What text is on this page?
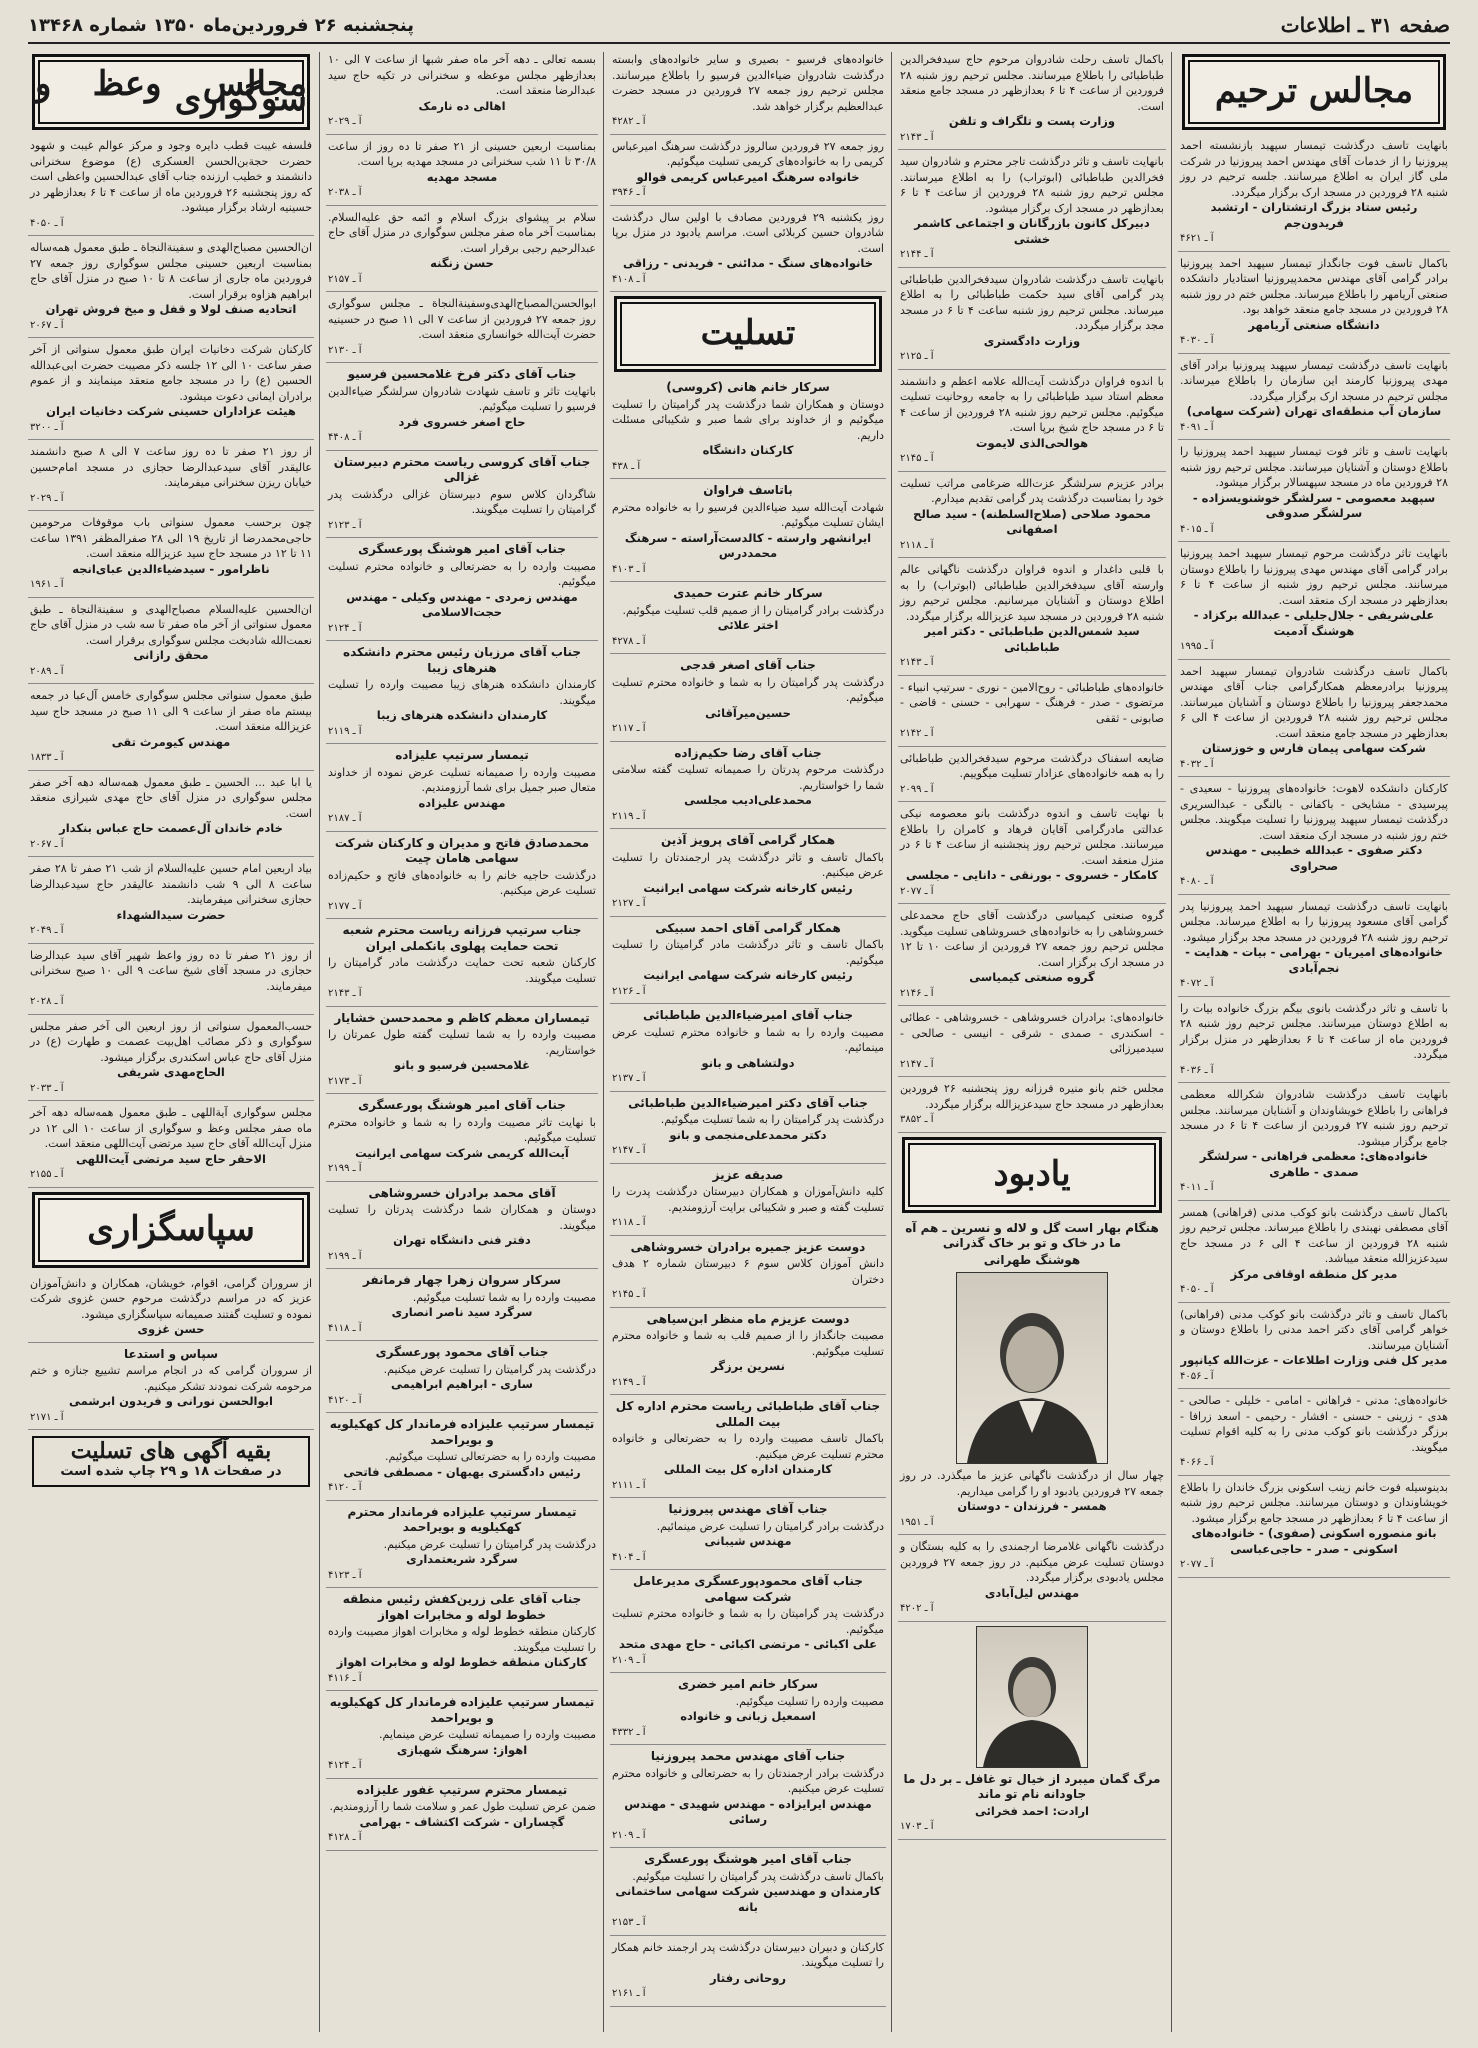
صفحه ۳۱ ـ اطلاعات
پنجشنبه ۲۶ فروردین‌ماه ۱۳۵۰ شماره ۱۳۴۶۸
مجالس ترحیم
بانهایت تاسف درگذشت تیمسار سپهبد بازنشسته احمد پیروزنیا را از خدمات آقای مهندس احمد پیروزنیا در شرکت ملی گاز ایران به اطلاع میرسانند. جلسه ترحیم در روز شنبه ۲۸ فروردین در مسجد ارک برگزار میگردد.
رئیس ستاد بزرگ ارتشتاران - ارتشبد فریدون‌جم
آ ـ ۴۶۲۱
باکمال تاسف فوت جانگداز تیمسار سپهبد احمد پیروزنیا برادر گرامی آقای مهندس محمدپیروزنیا استادیار دانشکده صنعتی آریامهر را باطلاع میرساند. مجلس ختم در روز شنبه ۲۸ فروردین در مسجد جامع منعقد خواهد بود.
دانشگاه صنعتی آریامهر
آ ـ ۴۰۳۰
بانهایت تاسف درگذشت تیمسار سپهبد پیروزنیا برادر آقای مهدی پیروزنیا کارمند این سازمان را باطلاع میرساند. مجلس ترحیم در مسجد ارک برگزار میگردد.
سازمان آب منطقه‌ای تهران (شرکت سهامی)
آ ـ ۴۰۹۱
بانهایت تاسف و تاثر فوت تیمسار سپهبد احمد پیروزنیا را باطلاع دوستان و آشنایان میرسانند. مجلس ترحیم روز شنبه ۲۸ فروردین ماه در مسجد سپهسالار برگزار میشود.
سپهبد معصومی - سرلشگر خوشنویسزاده - سرلشگر صدوقی
آ ـ ۴۰۱۵
بانهایت تاثر درگذشت مرحوم تیمسار سپهبد احمد پیروزنیا برادر گرامی آقای مهندس مهدی پیروزنیا را باطلاع دوستان میرسانند. مجلس ترحیم روز شنبه از ساعت ۴ تا ۶ بعدازظهر در مسجد ارک منعقد است.
علی‌شریفی - جلال‌جلیلی - عبدالله برکزاد - هوشنگ آدمیت
آ ـ ۱۹۹۵
باکمال تاسف درگذشت شادروان تیمسار سپهبد احمد پیروزنیا برادرمعظم همکارگرامی جناب آقای مهندس محمدجعفر پیروزنیا را باطلاع دوستان و آشنایان میرسانند. مجلس ترحیم روز شنبه ۲۸ فروردین از ساعت ۴ الی ۶ بعدازظهر در مسجد جامع منعقد است.
شرکت سهامی پیمان فارس و خوزستان
آ ـ ۴۰۳۲
کارکنان دانشکده لاهوت: خانواده‌های پیروزنیا - سعیدی - پیرسیدی - مشایخی - باکفانی - بالنگی - عبدالسریری درگذشت تیمسار سپهبد پیروزنیا را تسلیت میگویند. مجلس ختم روز شنبه در مسجد ارک منعقد است.
دکتر صفوی - عبدالله خطیبی - مهندس صحراوی
آ ـ ۴۰۸۰
بانهایت تاسف درگذشت تیمسار سپهبد احمد پیروزنیا پدر گرامی آقای مسعود پیروزنیا را به اطلاع میرساند. مجلس ترحیم روز شنبه ۲۸ فروردین در مسجد مجد برگزار میشود.
خانواده‌های امیریان - بهرامی - بیات - هدایت - نجم‌آبادی
آ ـ ۴۰۷۲
با تاسف و تاثر درگذشت بانوی بیگم بزرگ خانواده بیات را به اطلاع دوستان میرسانند. مجلس ترحیم روز شنبه ۲۸ فروردین ماه از ساعت ۴ تا ۶ بعدازظهر در منزل برگزار میگردد.
آ ـ ۴۰۳۶
بانهایت تاسف درگذشت شادروان شکرالله معظمی فراهانی را باطلاع خویشاوندان و آشنایان میرسانند. مجلس ترحیم روز شنبه ۲۷ فروردین از ساعت ۴ تا ۶ در مسجد جامع برگزار میشود.
خانواده‌های: معظمی فراهانی - سرلشگر صمدی - طاهری
آ ـ ۴۰۱۱
باکمال تاسف درگذشت بانو کوکب مدنی (فراهانی) همسر آقای مصطفی نهبندی را باطلاع میرساند. مجلس ترحیم روز شنبه ۲۸ فروردین از ساعت ۴ الی ۶ در مسجد حاج سیدعزیزالله منعقد میباشد.
مدیر کل منطقه اوقافی مرکز
آ ـ ۴۰۵۰
باکمال تاسف و تاثر درگذشت بانو کوکب مدنی (فراهانی) خواهر گرامی آقای دکتر احمد مدنی را باطلاع دوستان و آشنایان میرسانند.
مدیر کل فنی وزارت اطلاعات - عزت‌الله کیانپور
آ ـ ۴۰۵۶
خانواده‌های: مدنی - فراهانی - امامی - خلیلی - صالحی - هدی - زرینی - حسنی - افشار - رحیمی - اسعد زرافا - برزگر درگذشت بانو کوکب مدنی را به کلیه اقوام تسلیت میگویند.
آ ـ ۴۰۶۶
بدینوسیله فوت خانم زینب اسکونی بزرگ خاندان را باطلاع خویشاوندان و دوستان میرسانند. مجلس ترحیم روز شنبه از ساعت ۴ تا ۶ بعدازظهر در مسجد جامع برگزار میشود.
بانو منصوره اسکونی (صفوی) - خانواده‌های اسکونی - صدر - حاجی‌عباسی
آ ـ ۲۰۷۷
باکمال تاسف رحلت شادروان مرحوم حاج سیدفخرالدین طباطبائی را باطلاع میرسانند. مجلس ترحیم روز شنبه ۲۸ فروردین از ساعت ۴ تا ۶ بعدازظهر در مسجد جامع منعقد است.
وزارت پست و تلگراف و تلفن
آ ـ ۲۱۴۳
بانهایت تاسف و تاثر درگذشت تاجر محترم و شادروان سید فخرالدین طباطبائی (ابوتراب) را به اطلاع میرسانند. مجلس ترحیم روز شنبه ۲۸ فروردین از ساعت ۴ تا ۶ بعدازظهر در مسجد ارک برگزار میشود.
دبیرکل کانون بازرگانان و اجتماعی کاشمر خشتی
آ ـ ۲۱۴۴
بانهایت تاسف درگذشت شادروان سیدفخرالدین طباطبائی پدر گرامی آقای سید حکمت طباطبائی را به اطلاع میرساند. مجلس ترحیم روز شنبه ساعت ۴ تا ۶ در مسجد مجد برگزار میگردد.
وزارت دادگستری
آ ـ ۲۱۲۵
با اندوه فراوان درگذشت آیت‌الله علامه اعظم و دانشمند معظم استاد سید طباطبائی را به جامعه روحانیت تسلیت میگوئیم. مجلس ترحیم روز شنبه ۲۸ فروردین از ساعت ۴ تا ۶ در مسجد حاج شیخ برپا است.
هوالحی‌الذی لایموت
آ ـ ۲۱۴۵
برادر عزیزم سرلشگر عزت‌الله ضرغامی مراتب تسلیت خود را بمناسبت درگذشت پدر گرامی تقدیم میدارم.
محمود صلاحی (صلاح‌السلطنه) - سید صالح اصفهانی
آ ـ ۲۱۱۸
با قلبی داغدار و اندوه فراوان درگذشت ناگهانی عالم وارسته آقای سیدفخرالدین طباطبائی (ابوتراب) را به اطلاع دوستان و آشنایان میرسانیم. مجلس ترحیم روز شنبه ۲۸ فروردین در مسجد سید عزیزالله برگزار میگردد.
سید شمس‌الدین طباطبائی - دکتر امیر طباطبائی
آ ـ ۲۱۴۳
خانواده‌های طباطبائی - روح‌الامین - نوری - سرتیپ انبیاء - مرتضوی - صدر - فرهنگ - سهرابی - حسنی - قاضی - صابونی - ثقفی
آ ـ ۲۱۴۲
ضایعه اسفناک درگذشت مرحوم سیدفخرالدین طباطبائی را به همه خانواده‌های عزادار تسلیت میگوییم.
آ ـ ۲۰۹۹
با نهایت تاسف و اندوه درگذشت بانو معصومه نیکی عدالتی مادرگرامی آقایان فرهاد و کامران را باطلاع میرسانند. مجلس ترحیم روز پنجشنبه از ساعت ۴ تا ۶ در منزل منعقد است.
کامکار - خسروی - بورنقی - دانایی - مجلسی
آ ـ ۲۰۷۷
گروه صنعتی کیمیاسی درگذشت آقای حاج محمدعلی خسروشاهی را به خانواده‌های خسروشاهی تسلیت میگوید. مجلس ترحیم روز جمعه ۲۷ فروردین از ساعت ۱۰ تا ۱۲ در مسجد ارک برگزار است.
گروه صنعتی کیمیاسی
آ ـ ۲۱۴۶
خانواده‌های: برادران خسروشاهی - خسروشاهی - عطائی - اسکندری - صمدی - شرقی - انیسی - صالحی - سیدمیرزائی
آ ـ ۲۱۴۷
مجلس ختم بانو منیره فرزانه روز پنجشنبه ۲۶ فروردین بعدازظهر در مسجد حاج سیدعزیزالله برگزار میگردد.
آ ـ ۳۸۵۲
یادبود
هنگام بهار است گل و لاله و نسرین ـ هم آه ما در خاک و تو بر خاک گذرانی
هوشنگ طهرانی
چهار سال از درگذشت ناگهانی عزیز ما میگذرد. در روز جمعه ۲۷ فروردین یادبود او را گرامی میداریم.
همسر - فرزندان - دوستان
آ ـ ۱۹۵۱
درگذشت ناگهانی غلامرضا ارجمندی را به کلیه بستگان و دوستان تسلیت عرض میکنیم. در روز جمعه ۲۷ فروردین مجلس یادبودی برگزار میگردد.
مهندس لیل‌آبادی
آ ـ ۴۲۰۲
مرگ گمان میبرد از خیال تو غافل ـ بر دل ما جاودانه نام تو ماند
ارادت: احمد فخرائی
آ ـ ۱۷۰۳
خانواده‌های فرسیو - بصیری و سایر خانواده‌های وابسته درگذشت شادروان ضیاءالدین فرسیو را باطلاع میرسانند. مجلس ترحیم روز جمعه ۲۷ فروردین در مسجد حضرت عبدالعظیم برگزار خواهد شد.
آ ـ ۴۲۸۲
روز جمعه ۲۷ فروردین سالروز درگذشت سرهنگ امیرعباس کریمی را به خانواده‌های کریمی تسلیت میگوئیم.
خانواده سرهنگ امیرعباس کریمی فوالو
آ ـ ۳۹۴۶
روز یکشنبه ۲۹ فروردین مصادف با اولین سال درگذشت شادروان حسین کربلائی است. مراسم یادبود در منزل برپا است.
خانواده‌های سنگ - مدائنی - فریدنی - رزاقی
آ ـ ۴۱۰۸
تسلیت
سرکار خانم هانی (کروسی)
دوستان و همکاران شما درگذشت پدر گرامیتان را تسلیت میگوئیم و از خداوند برای شما صبر و شکیبائی مسئلت داریم.
کارکنان دانشگاه
آ ـ ۴۳۸
باتاسف فراوان
شهادت آیت‌الله سید ضیاءالدین فرسیو را به خانواده محترم ایشان تسلیت میگوئیم.
ایرانشهر وارسته - کالدست‌آراسته - سرهنگ محمددرس
آ ـ ۴۱۰۳
سرکار خانم عترت حمیدی
درگذشت برادر گرامیتان را از صمیم قلب تسلیت میگوئیم.
اختر علائی
آ ـ ۴۲۷۸
جناب آقای اصغر قدجی
درگذشت پدر گرامیتان را به شما و خانواده محترم تسلیت میگوئیم.
حسین‌میرآقائی
آ ـ ۲۱۱۷
جناب آقای رضا حکیم‌زاده
درگذشت مرحوم پدرتان را صمیمانه تسلیت گفته سلامتی شما را خواستاریم.
محمدعلی‌ادیب مجلسی
آ ـ ۲۱۱۹
همکار گرامی آقای پرویز آذین
باکمال تاسف و تاثر درگذشت پدر ارجمندتان را تسلیت عرض میکنیم.
رئیس کارخانه شرکت سهامی ایرانیت
آ ـ ۲۱۲۷
همکار گرامی آقای احمد سبیکی
باکمال تاسف و تاثر درگذشت مادر گرامیتان را تسلیت میگوئیم.
رئیس کارخانه شرکت سهامی ایرانیت
آ ـ ۲۱۲۶
جناب آقای امیرضیاءالدین طباطبائی
مصیبت وارده را به شما و خانواده محترم تسلیت عرض مینمائیم.
دولتشاهی و بانو
آ ـ ۲۱۳۷
جناب آقای دکتر امیرضیاءالدین طباطبائی
درگذشت پدر گرامیتان را به شما تسلیت میگوئیم.
دکتر محمدعلی‌منجمی و بانو
آ ـ ۲۱۴۷
صدیقه عزیز
کلیه دانش‌آموزان و همکاران دبیرستان درگذشت پدرت را تسلیت گفته و صبر و شکیبائی برایت آرزومندیم.
آ ـ ۲۱۱۸
دوست عزیز جمیره برادران خسروشاهی
دانش آموزان کلاس سوم ۶ دبیرستان شماره ۲ هدف دختران
آ ـ ۲۱۴۵
دوست عزیزم ماه منظر ابن‌سیاهی
مصیبت جانگداز را از صمیم قلب به شما و خانواده محترم تسلیت میگوئیم.
نسرین برزگر
آ ـ ۲۱۴۹
جناب آقای طباطبائی ریاست محترم اداره کل بیت المللی
باکمال تاسف مصیبت وارده را به حضرتعالی و خانواده محترم تسلیت عرض میکنیم.
کارمندان اداره کل بیت المللی
آ ـ ۲۱۱۱
جناب آقای مهندس پیروزنیا
درگذشت برادر گرامیتان را تسلیت عرض مینمائیم.
مهندس شیبانی
آ ـ ۴۱۰۴
جناب آقای محمودپورعسگری مدیرعامل شرکت سهامی
درگذشت پدر گرامیتان را به شما و خانواده محترم تسلیت میگوئیم.
علی اکبائی - مرتضی اکبائی - حاج مهدی متحد
آ ـ ۲۱۰۹
سرکار خانم امیر خضری
مصیبت وارده را تسلیت میگوئیم.
اسمعیل زبانی و خانواده
آ ـ ۴۳۳۲
جناب آقای مهندس محمد پیروزنیا
درگذشت برادر ارجمندتان را به حضرتعالی و خانواده محترم تسلیت عرض میکنیم.
مهندس ایرایزاده - مهندس شهیدی - مهندس رسائی
آ ـ ۲۱۰۹
جناب آقای امیر هوشنگ پورعسگری
باکمال تاسف درگذشت پدر گرامیتان را تسلیت میگوئیم.
کارمندان و مهندسین شرکت سهامی ساختمانی بانه
آ ـ ۲۱۵۳
کارکنان و دبیران دبیرستان درگذشت پدر ارجمند خانم همکار را تسلیت میگویند.
روحانی رفتار
آ ـ ۲۱۶۱
بسمه تعالی ـ دهه آخر ماه صفر شبها از ساعت ۷ الی ۱۰ بعدازظهر مجلس موعظه و سخنرانی در تکیه حاج سید عبدالرضا منعقد است.
اهالی ده نارمک
آ ـ ۲۰۲۹
بمناسبت اربعین حسینی از ۲۱ صفر تا ده روز از ساعت ۳۰/۸ تا ۱۱ شب سخنرانی در مسجد مهدیه برپا است.
مسجد مهدیه
آ ـ ۲۰۳۸
سلام بر پیشوای بزرگ اسلام و ائمه حق علیه‌السلام. بمناسبت آخر ماه صفر مجلس سوگواری در منزل آقای حاج عبدالرحیم رجبی برقرار است.
حسن زنگنه
آ ـ ۲۱۵۷
ابوالحسن‌المصباح‌الهدی‌وسفینة‌النجاة ـ مجلس سوگواری روز جمعه ۲۷ فروردین از ساعت ۷ الی ۱۱ صبح در حسینیه حضرت آیت‌الله خوانساری منعقد است.
آ ـ ۲۱۳۰
جناب آقای دکتر فرخ غلامحسین فرسیو
باتهایت تاثر و تاسف شهادت شادروان سرلشگر ضیاءالدین فرسیو را تسلیت میگوئیم.
حاج اصغر خسروی فرد
آ ـ ۴۴۰۸
جناب آقای کروسی ریاست محترم دبیرستان غزالی
شاگردان کلاس سوم دبیرستان غزالی درگذشت پدر گرامیتان را تسلیت میگویند.
آ ـ ۲۱۲۳
جناب آقای امیر هوشنگ پورعسگری
مصیبت وارده را به حضرتعالی و خانواده محترم تسلیت میگوئیم.
مهندس زمردی - مهندس وکیلی - مهندس حجت‌الاسلامی
آ ـ ۲۱۲۴
جناب آقای مرزبان رئیس محترم دانشکده هنرهای زیبا
کارمندان دانشکده هنرهای زیبا مصیبت وارده را تسلیت میگویند.
کارمندان دانشکده هنرهای زیبا
آ ـ ۲۱۱۹
تیمسار سرتیپ علیزاده
مصیبت وارده را صمیمانه تسلیت عرض نموده از خداوند متعال صبر جمیل برای شما آرزومندیم.
مهندس علیزاده
آ ـ ۲۱۸۷
محمدصادق فاتح و مدیران و کارکنان شرکت سهامی هامان چیت
درگذشت حاجیه خانم را به خانواده‌های فاتح و حکیم‌زاده تسلیت عرض میکنیم.
آ ـ ۲۱۷۷
جناب سرتیپ فرزانه ریاست محترم شعبه تحت حمایت پهلوی بانکملی ایران
کارکنان شعبه تحت حمایت درگذشت مادر گرامیتان را تسلیت میگویند.
آ ـ ۲۱۴۳
تیمساران معظم کاظم و محمدحسن خشایار
مصیبت وارده را به شما تسلیت گفته طول عمرتان را خواستاریم.
غلامحسین فرسیو و بانو
آ ـ ۲۱۷۳
جناب آقای امیر هوشنگ پورعسگری
با نهایت تاثر مصیبت وارده را به شما و خانواده محترم تسلیت میگوئیم.
آیت‌الله کریمی شرکت سهامی ایرانیت
آ ـ ۲۱۹۹
آقای محمد برادران خسروشاهی
دوستان و همکاران شما درگذشت پدرتان را تسلیت میگویند.
دفتر فنی دانشگاه تهران
آ ـ ۲۱۹۹
سرکار سروان زهرا چهار فرمانفر
مصیبت وارده را به شما تسلیت میگوئیم.
سرگرد سید ناصر انصاری
آ ـ ۴۱۱۸
جناب آقای محمود پورعسگری
درگذشت پدر گرامیتان را تسلیت عرض میکنیم.
ساری - ابراهیم ابراهیمی
آ ـ ۴۱۲۰
تیمسار سرتیپ علیزاده فرماندار کل کهکیلویه و بویراحمد
مصیبت وارده را به حضرتعالی تسلیت میگوئیم.
رئیس دادگستری بهبهان - مصطفی فاتحی
آ ـ ۴۱۲۰
تیمسار سرتیپ علیزاده فرماندار محترم کهکیلویه و بویراحمد
درگذشت پدر گرامیتان را تسلیت عرض میکنیم.
سرگرد شریعتمداری
آ ـ ۴۱۲۳
جناب آقای علی زرین‌کفش رئیس منطقه خطوط لوله و مخابرات اهواز
کارکنان منطقه خطوط لوله و مخابرات اهواز مصیبت وارده را تسلیت میگویند.
کارکنان منطقه خطوط لوله و مخابرات اهواز
آ ـ ۴۱۱۶
تیمسار سرتیپ علیزاده فرماندار کل کهکیلویه و بویراحمد
مصیبت وارده را صمیمانه تسلیت عرض مینمایم.
اهواز: سرهنگ شهبازی
آ ـ ۴۱۲۴
تیمسار محترم سرتیپ غفور علیزاده
ضمن عرض تسلیت طول عمر و سلامت شما را آرزومندیم.
گچساران - شرکت اکتشاف - بهرامی
آ ـ ۴۱۲۸
مجالس وعظ و سوگواری
فلسفه غیبت قطب دایره وجود و مرکز عوالم غیبت و شهود حضرت حجة‌بن‌الحسن العسکری (ع) موضوع سخنرانی دانشمند و خطیب ارزنده جناب آقای عبدالحسین واعظی است که روز پنجشنبه ۲۶ فروردین ماه از ساعت ۴ تا ۶ بعدازظهر در حسینیه ارشاد برگزار میشود.
آ ـ ۴۰۵۰
ان‌الحسین مصباح‌الهدی و سفینة‌النجاة ـ طبق معمول همه‌ساله بمناسبت اربعین حسینی مجلس سوگواری روز جمعه ۲۷ فروردین ماه جاری از ساعت ۸ تا ۱۰ صبح در منزل آقای حاج ابراهیم هزاوه برقرار است.
اتحادیه صنف لولا و قفل و میخ فروش تهران
آ ـ ۲۰۶۷
کارکنان شرکت دخانیات ایران طبق معمول سنواتی از آخر صفر ساعت ۱۰ الی ۱۲ جلسه ذکر مصیبت حضرت ابی‌عبدالله الحسین (ع) را در مسجد جامع منعقد مینمایند و از عموم برادران ایمانی دعوت میشود.
هیئت عزاداران حسینی شرکت دخانیات ایران
آ ـ ۳۲۰۰
از روز ۲۱ صفر تا ده روز ساعت ۷ الی ۸ صبح دانشمند عالیقدر آقای سیدعبدالرضا حجازی در مسجد امام‌حسین خیابان ریزن سخنرانی میفرمایند.
آ ـ ۲۰۲۹
چون برحسب معمول سنواتی باب موقوفات مرحومین حاجی‌محمدرضا از تاریخ ۱۹ الی ۲۸ صفرالمظفر ۱۳۹۱ ساعت ۱۱ تا ۱۲ در مسجد حاج سید عزیزالله منعقد است.
ناظرامور - سیدضیاءالدین عبای‌انجه
آ ـ ۱۹۶۱
ان‌الحسین علیه‌السلام مصباح‌الهدی و سفینة‌النجاة ـ طبق معمول سنواتی از آخر ماه صفر تا سه شب در منزل آقای حاج نعمت‌الله شادبخت مجلس سوگواری برقرار است.
محقق رازانی
آ ـ ۲۰۸۹
طبق معمول سنواتی مجلس سوگواری خامس آل‌عبا در جمعه بیستم ماه صفر از ساعت ۹ الی ۱۱ صبح در مسجد حاج سید عزیزالله منعقد است.
مهندس کیومرث تقی
آ ـ ۱۸۳۳
یا ابا عبد ... الحسین ـ طبق معمول همه‌ساله دهه آخر صفر مجلس سوگواری در منزل آقای حاج مهدی شیرازی منعقد است.
خادم خاندان آل‌عصمت حاج عباس بنکدار
آ ـ ۲۰۶۷
بیاد اربعین امام حسین علیه‌السلام از شب ۲۱ صفر تا ۲۸ صفر ساعت ۸ الی ۹ شب دانشمند عالیقدر حاج سیدعبدالرضا حجازی سخنرانی میفرمایند.
حضرت سیدالشهداء
آ ـ ۲۰۴۹
از روز ۲۱ صفر تا ده روز واعظ شهیر آقای سید عبدالرضا حجازی در مسجد آقای شیخ ساعت ۹ الی ۱۰ صبح سخنرانی میفرمایند.
آ ـ ۲۰۲۸
حسب‌المعمول سنواتی از روز اربعین الی آخر صفر مجلس سوگواری و ذکر مصائب اهل‌بیت عصمت و طهارت (ع) در منزل آقای حاج عباس اسکندری برگزار میشود.
الحاج‌مهدی شریفی
آ ـ ۲۰۳۳
مجلس سوگواری آیة‌اللهی ـ طبق معمول همه‌ساله دهه آخر ماه صفر مجلس وعظ و سوگواری از ساعت ۱۰ الی ۱۲ در منزل آیت‌الله آقای حاج سید مرتضی آیت‌اللهی منعقد است.
الاحقر حاج سید مرتضی آیت‌اللهی
آ ـ ۲۱۵۵
سپاسگزاری
از سروران گرامی، اقوام، خویشان، همکاران و دانش‌آموزان عزیز که در مراسم درگذشت مرحوم حسن غزوی شرکت نموده و تسلیت گفتند صمیمانه سپاسگزاری میشود.
حسن غزوی
سپاس و استدعا
از سروران گرامی که در انجام مراسم تشییع جنازه و ختم مرحومه شرکت نمودند تشکر میکنیم.
ابوالحسن نورانی و فریدون ابرشمی
آ ـ ۲۱۷۱
بقیه آگهی های تسلیت
در صفحات ۱۸ و ۲۹ چاپ شده است
